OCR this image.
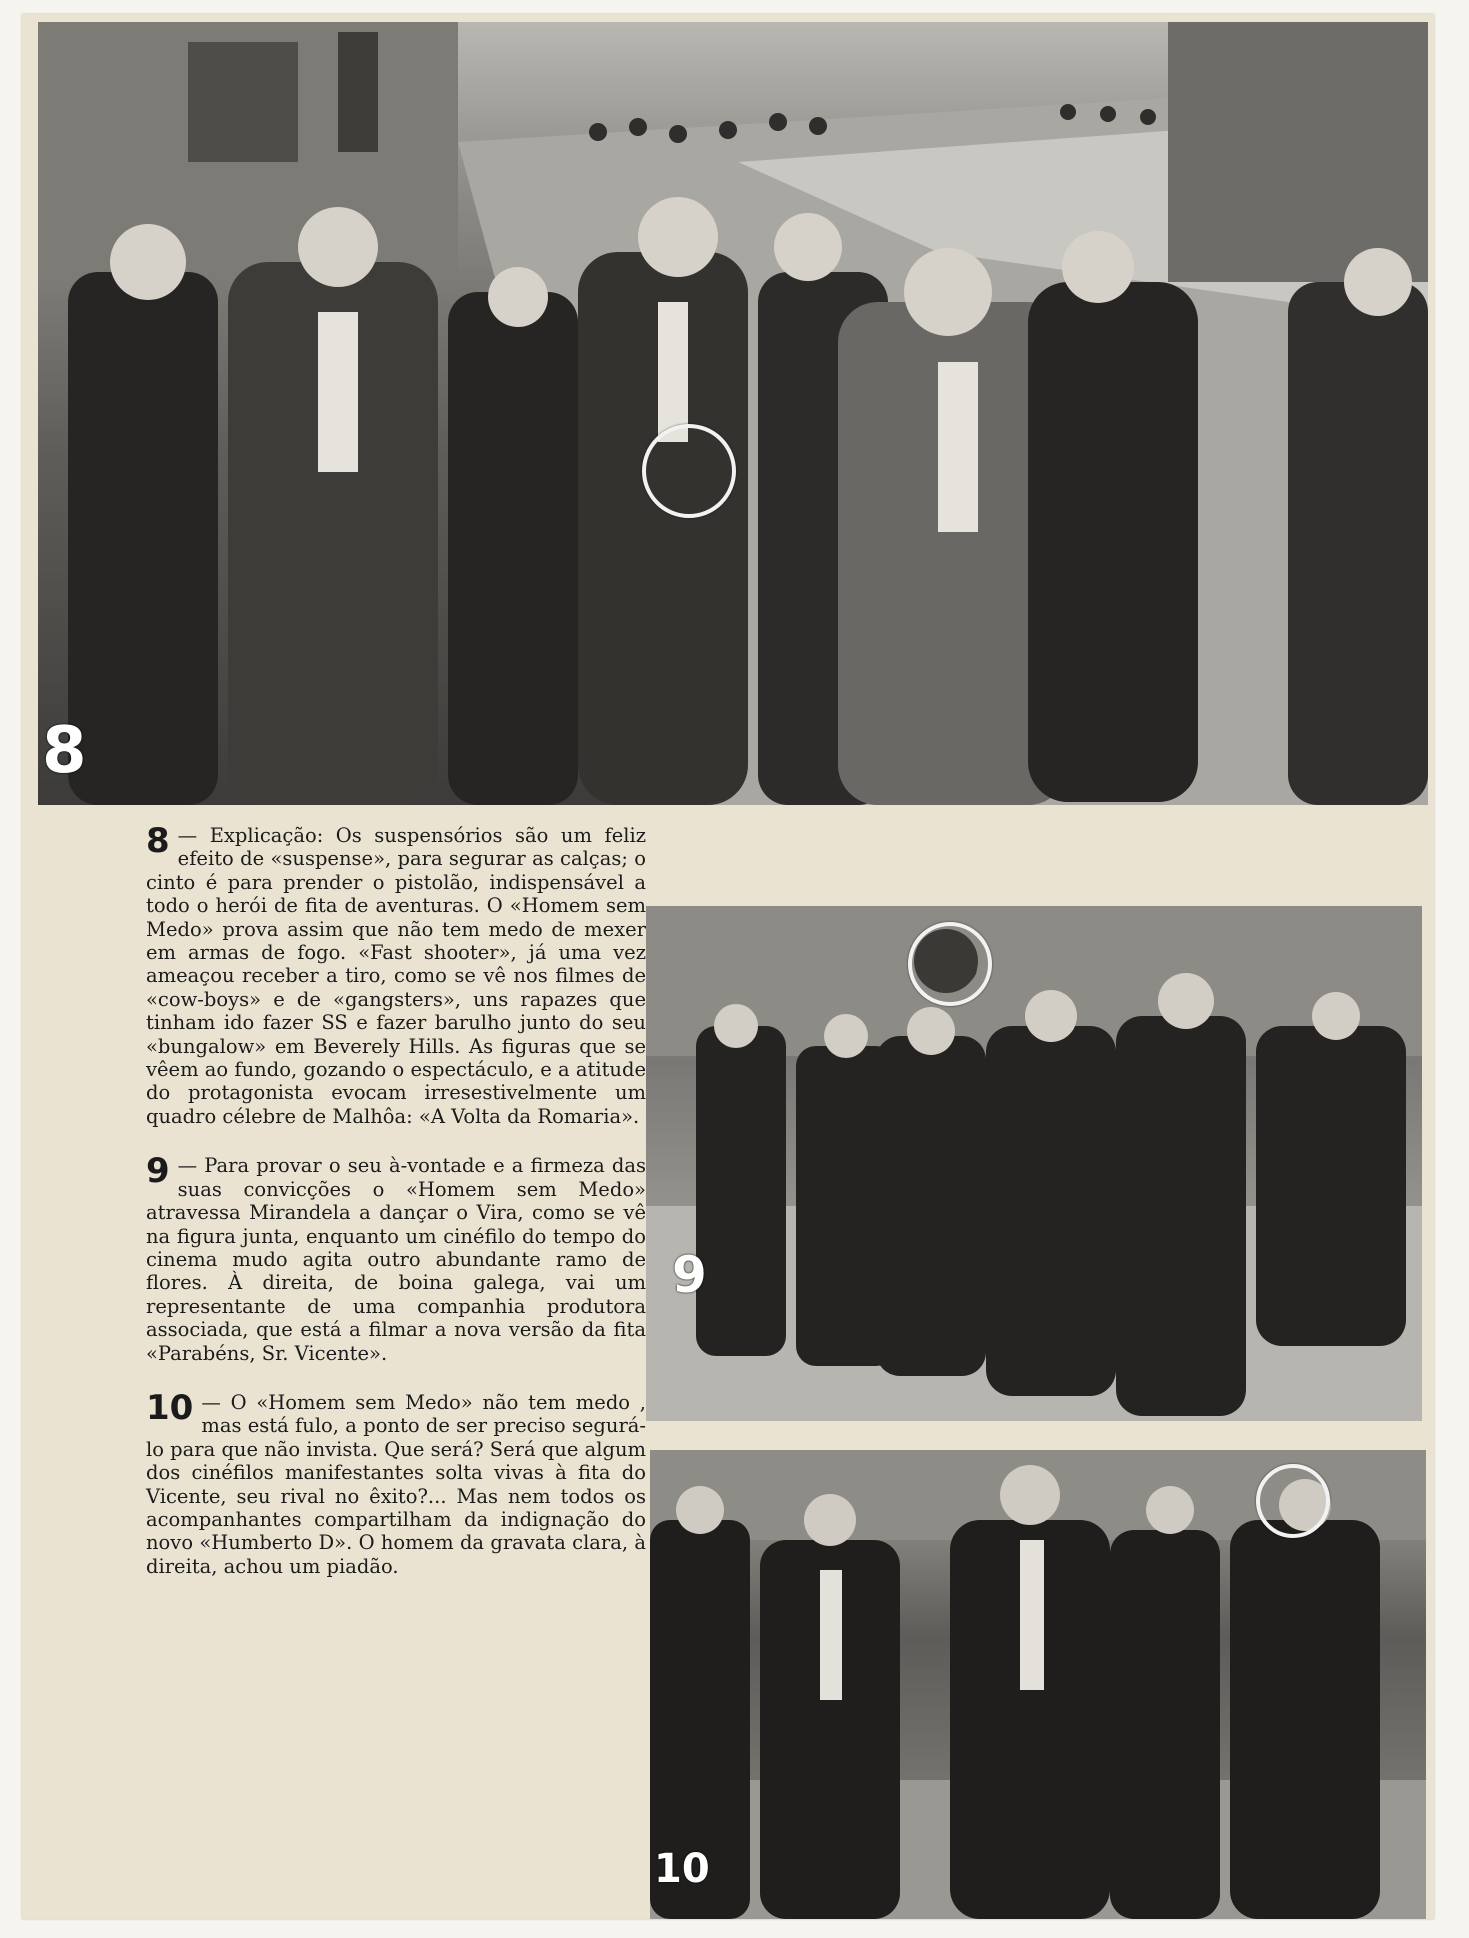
8
9
10

8 — Explicação: Os suspensórios são um feliz efeito de «suspense», para segurar as calças; o cinto é para prender o pistolão, indispensável a todo o herói de fita de aventuras. O «Homem sem Medo» prova assim que não tem medo de mexer em armas de fogo. «Fast shooter», já uma vez ameaçou receber a tiro, como se vê nos filmes de «cow-boys» e de «gangsters», uns rapazes que tinham ido fazer SS e fazer barulho junto do seu «bungalow» em Beverely Hills. As figuras que se vêem ao fundo, gozando o espectáculo, e a atitude do protagonista evocam irresestivelmente um quadro célebre de Malhôa: «A Volta da Romaria».

9 — Para provar o seu à-vontade e a firmeza das suas convicções o «Homem sem Medo» atravessa Mirandela a dançar o Vira, como se vê na figura junta, enquanto um cinéfilo do tempo do cinema mudo agita outro abundante ramo de flores. À direita, de boina galega, vai um representante de uma companhia produtora associada, que está a filmar a nova versão da fita «Parabéns, Sr. Vicente».

10 — O «Homem sem Medo» não tem medo , mas está fulo, a ponto de ser preciso segurá-lo para que não invista. Que será? Será que algum dos cinéfilos manifestantes solta vivas à fita do Vicente, seu rival no êxito?... Mas nem todos os acompanhantes compartilham da indignação do novo «Humberto D». O homem da gravata clara, à direita, achou um piadão.
